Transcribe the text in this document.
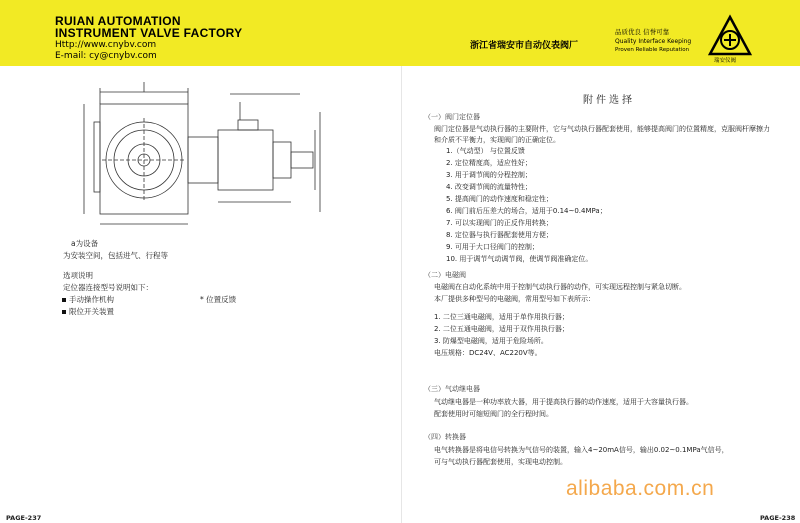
RUIAN AUTOMATION
INSTRUMENT VALVE FACTORY
Http://www.cnybv.com
E-mail: cy@cnybv.com
浙江省瑞安市自动仪表阀厂
品质优良 信誉可靠
Quality Interface Keeping
Proven Reliable Reputation
瑞安仪阀
a为设备
为安装空间，包括进气、行程等
选项说明
定位器连接型号说明如下：
手动操作机构	* 位置反馈
限位开关装置
PAGE-237
附件选择
（一）阀门定位器
阀门定位器是气动执行器的主要附件，它与气动执行器配套使用，能够提高阀门的位置精度，克服阀杆摩擦力和介质不平衡力，实现阀门的正确定位。
1.（气动型） 与位置反馈
2. 定位精度高，适应性好；
3. 用于调节阀的分程控制；
4. 改变调节阀的流量特性；
5. 提高阀门的动作速度和稳定性；
6. 阀门前后压差大的场合，适用于0.14~0.4MPa；
7. 可以实现阀门的正反作用转换；
8. 定位器与执行器配套使用方便；
9. 可用于大口径阀门的控制；
10. 用于调节气动调节阀，使调节阀准确定位。
（二）电磁阀
电磁阀在自动化系统中用于控制气动执行器的动作，可实现远程控制与紧急切断。
本厂提供多种型号的电磁阀，常用型号如下表所示：
1. 二位三通电磁阀，适用于单作用执行器；
2. 二位五通电磁阀，适用于双作用执行器；
3. 防爆型电磁阀，适用于危险场所。
电压规格：DC24V、AC220V等。
（三）气动继电器
气动继电器是一种功率放大器，用于提高执行器的动作速度，适用于大容量执行器。
配套使用时可缩短阀门的全行程时间。
（四）转换器
电气转换器是将电信号转换为气信号的装置，输入4~20mA信号，输出0.02~0.1MPa气信号，
可与气动执行器配套使用，实现电动控制。
alibaba.com.cn
PAGE-238
